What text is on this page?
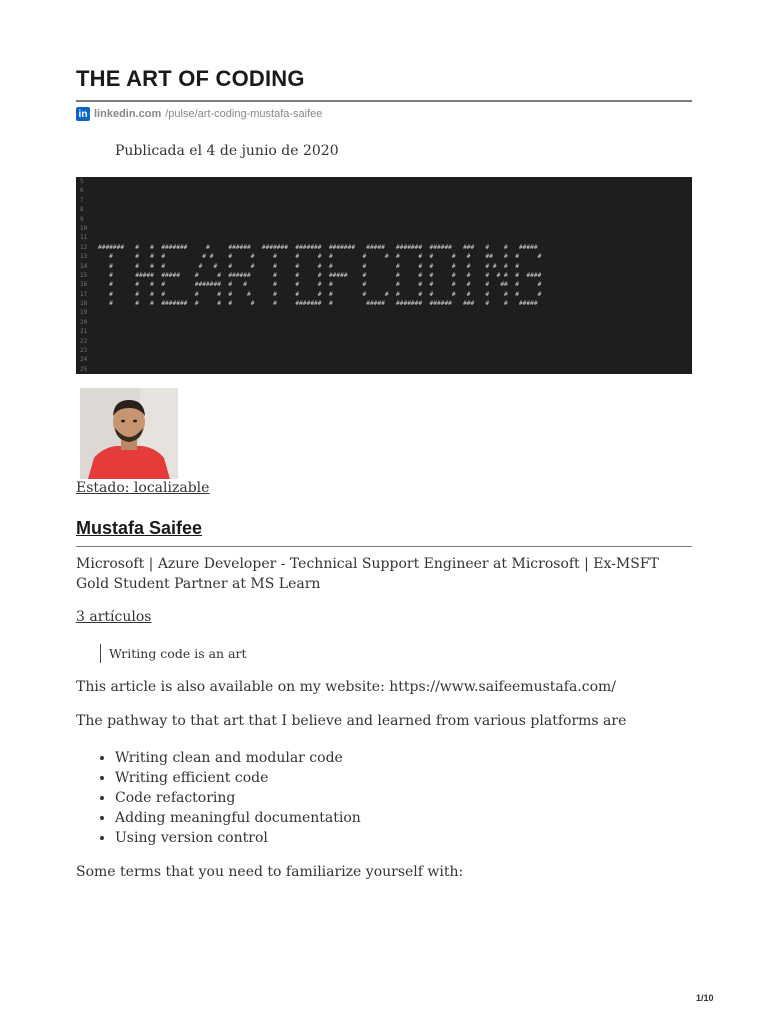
THE ART OF CODING
in linkedin.com /pulse/art-coding-mustafa-saifee
Publicada el 4 de junio de 2020
5
6
7
8
9
10
11
12
13
14
15
16
17
18
19
20
21
22
23
24
25
#######   #   #  #######     #     ######   #######  #######  #######   #####   #######  ######   ###   #    #   #####
#      #   #  #          # #    #     #     #     #     #  #        #     #  #     #  #     #   #    ##   #  #     #
#      #   #  #         #   #   #     #     #     #     #  #        #        #     #  #     #   #    # #  #  #
#      #####  #####    #     #  ######      #     #     #  #####    #        #     #  #     #   #    #  # #  #  ####
#      #   #  #        #######  #   #       #     #     #  #        #        #     #  #     #   #    #   ##  #     #
#      #   #  #        #     #  #    #      #     #     #  #        #     #  #     #  #     #   #    #    #  #     #
#      #   #  #######  #     #  #     #     #     #######  #         #####   #######  ######   ###   #    #   #####
Estado: localizable
Mustafa Saifee

Microsoft | Azure Developer - Technical Support Engineer at Microsoft | Ex-MSFT Gold Student Partner at MS Learn

3 artículos
Writing code is an art

This article is also available on my website: https://www.saifeemustafa.com/

The pathway to that art that I believe and learned from various platforms are

• Writing clean and modular code
• Writing efficient code
• Code refactoring
• Adding meaningful documentation
• Using version control

Some terms that you need to familiarize yourself with:

1/10
